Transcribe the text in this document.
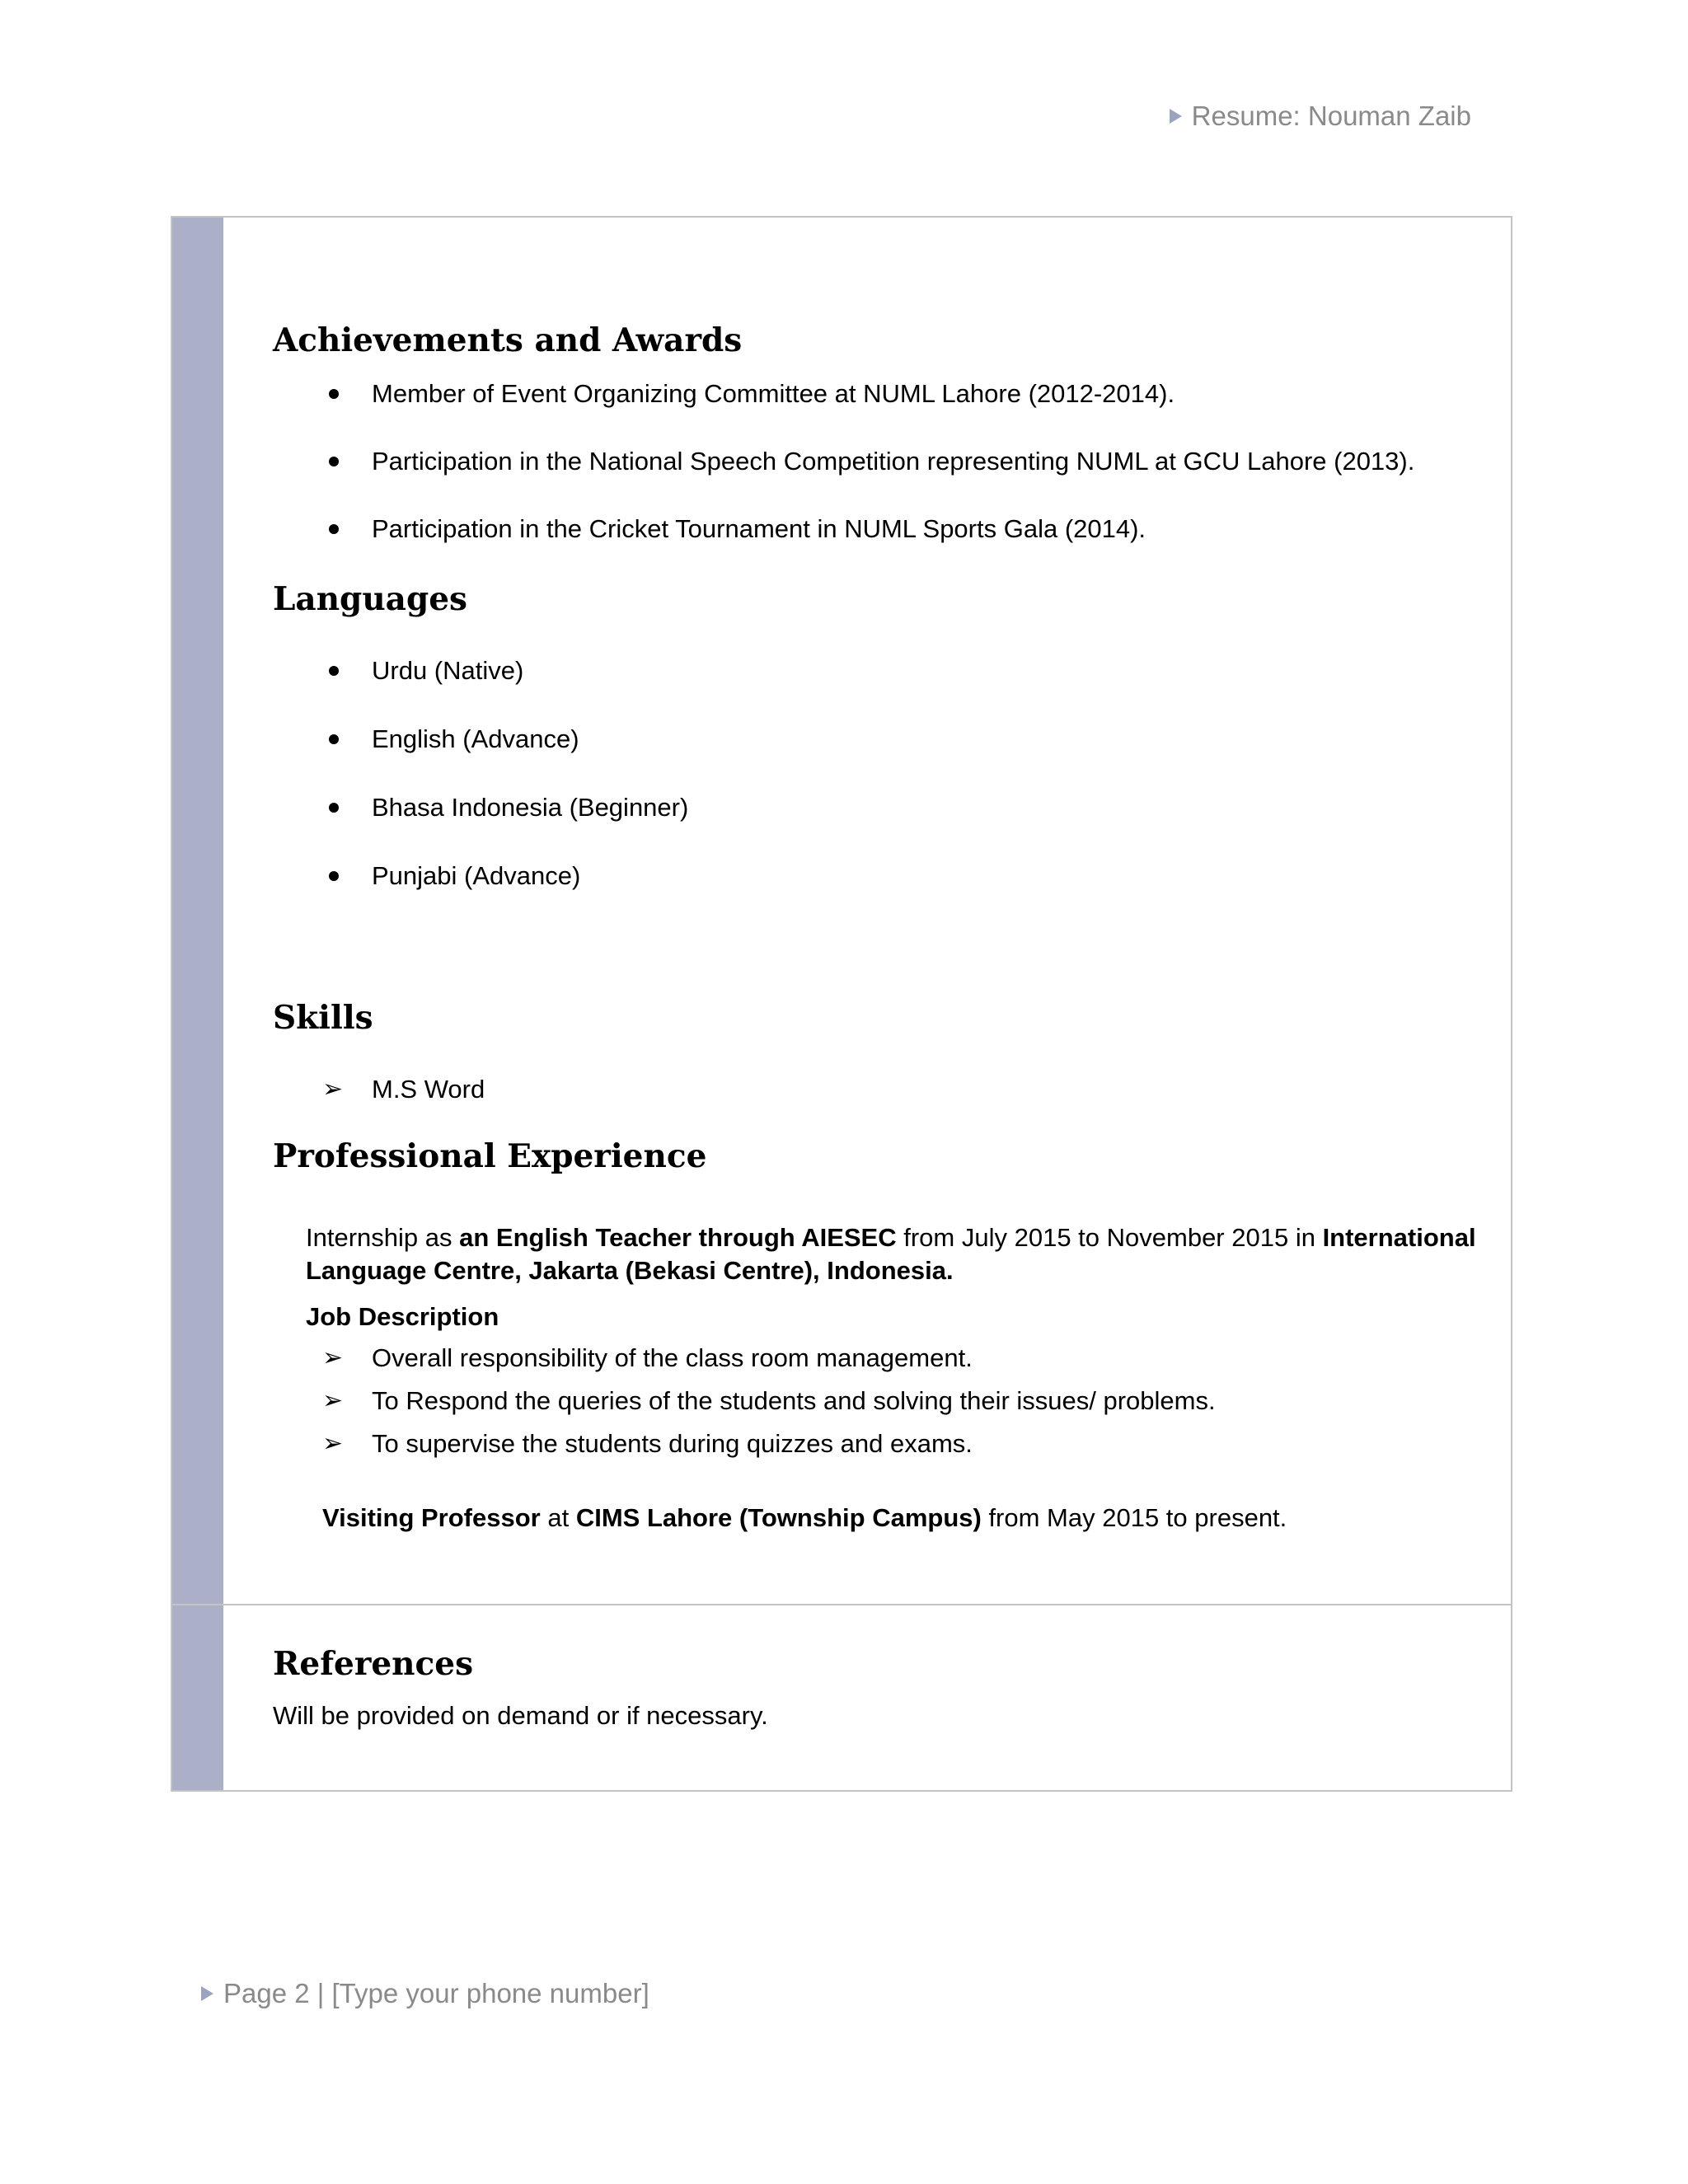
Resume: Nouman Zaib
Achievements and Awards
Member of Event Organizing Committee at NUML Lahore (2012-2014).
Participation in the National Speech Competition representing NUML at GCU Lahore (2013).
Participation in the Cricket Tournament in NUML Sports Gala (2014).
Languages
Urdu (Native)
English (Advance)
Bhasa Indonesia (Beginner)
Punjabi (Advance)
Skills
➢ M.S Word
Professional Experience
Internship as an English Teacher through AIESEC from July 2015 to November 2015 in International Language Centre, Jakarta (Bekasi Centre), Indonesia.
Job Description
➢ Overall responsibility of the class room management.
➢ To Respond the queries of the students and solving their issues/ problems.
➢ To supervise the students during quizzes and exams.
Visiting Professor at CIMS Lahore (Township Campus) from May 2015 to present.
References
Will be provided on demand or if necessary.
Page 2 | [Type your phone number]
